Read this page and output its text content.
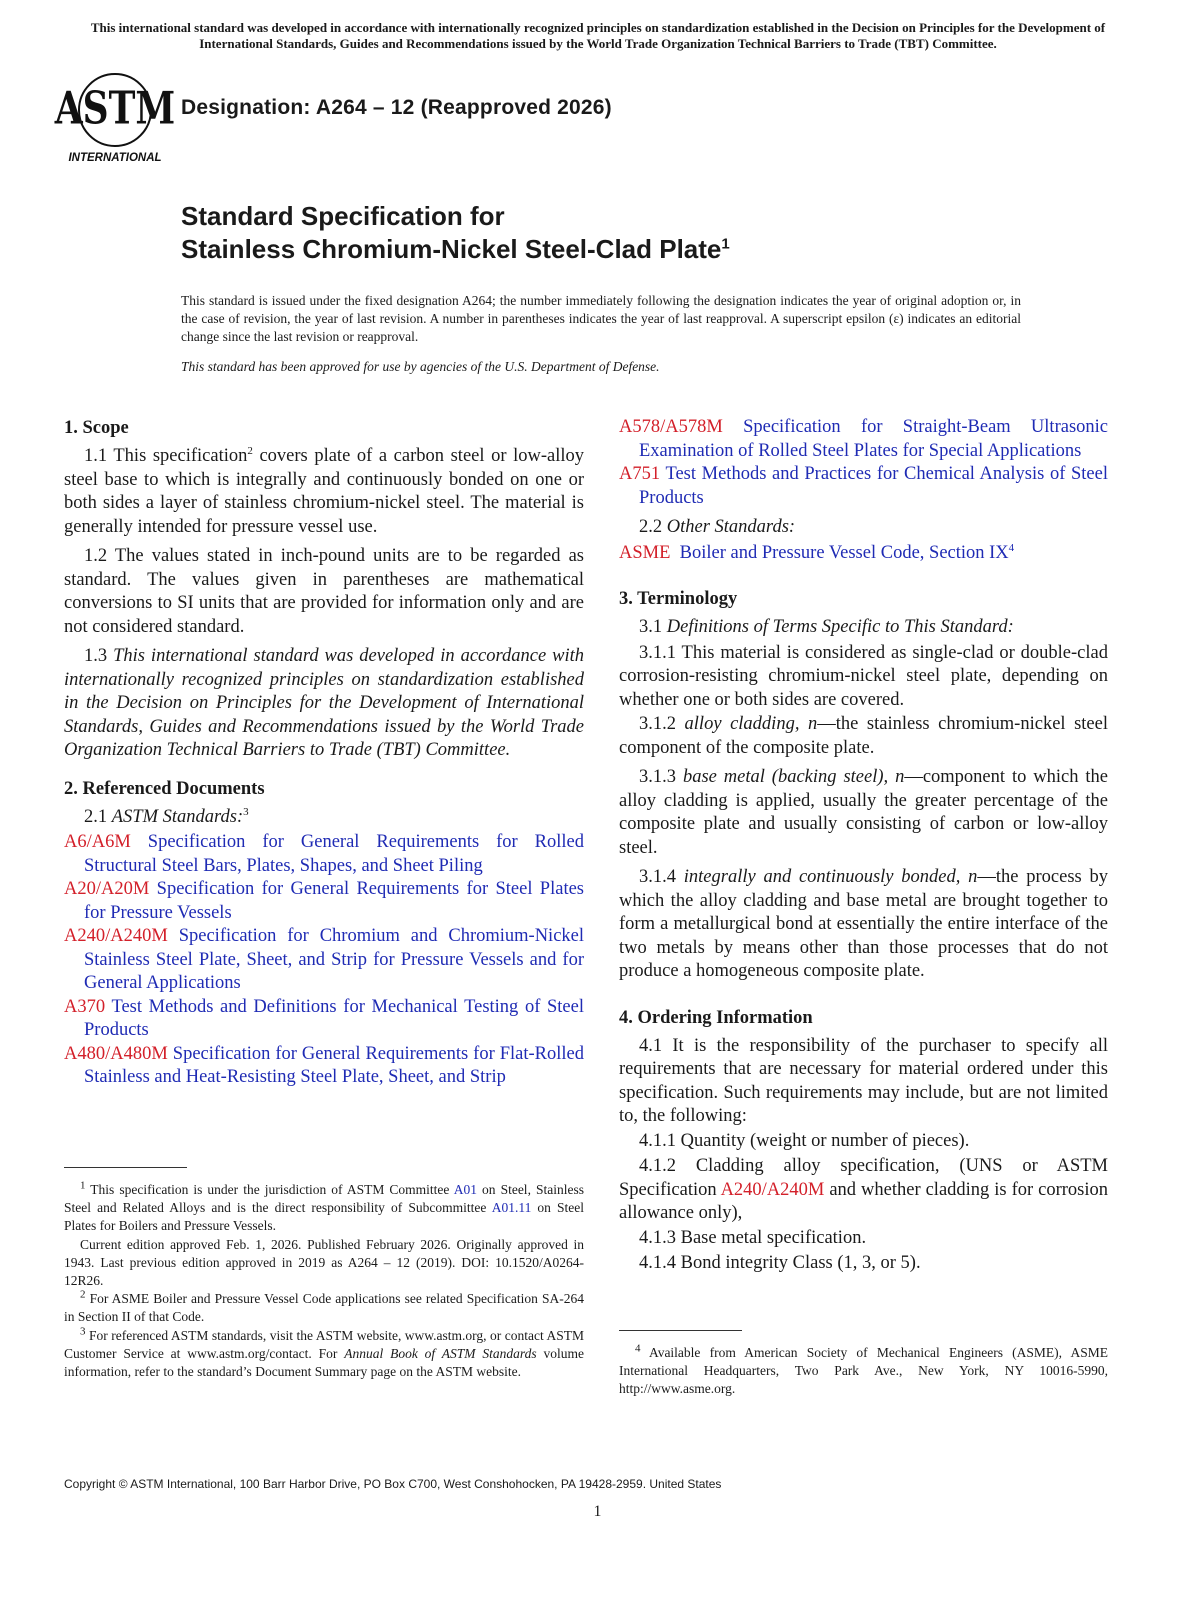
This international standard was developed in accordance with internationally recognized principles on standardization established in the Decision on Principles for the Development of International Standards, Guides and Recommendations issued by the World Trade Organization Technical Barriers to Trade (TBT) Committee.
ASTM
INTERNATIONAL
Designation: A264 – 12 (Reapproved 2026)
Standard Specification for
Stainless Chromium-Nickel Steel-Clad Plate$^1$
This standard is issued under the fixed designation A264; the number immediately following the designation indicates the year of original adoption or, in the case of revision, the year of last revision. A number in parentheses indicates the year of last reapproval. A superscript epsilon (ε) indicates an editorial change since the last revision or reapproval.
This standard has been approved for use by agencies of the U.S. Department of Defense.
1. Scope

1.1 This specification$^2$ covers plate of a carbon steel or low-alloy steel base to which is integrally and continuously bonded on one or both sides a layer of stainless chromium-nickel steel. The material is generally intended for pressure vessel use.

1.2 The values stated in inch-pound units are to be regarded as standard. The values given in parentheses are mathematical conversions to SI units that are provided for information only and are not considered standard.

1.3 This international standard was developed in accordance with internationally recognized principles on standardization established in the Decision on Principles for the Development of International Standards, Guides and Recommendations issued by the World Trade Organization Technical Barriers to Trade (TBT) Committee.

2. Referenced Documents
2.1 ASTM Standards:$^3$
A6/A6M Specification for General Requirements for Rolled Structural Steel Bars, Plates, Shapes, and Sheet Piling
A20/A20M Specification for General Requirements for Steel Plates for Pressure Vessels
A240/A240M Specification for Chromium and Chromium-Nickel Stainless Steel Plate, Sheet, and Strip for Pressure Vessels and for General Applications
A370 Test Methods and Definitions for Mechanical Testing of Steel Products
A480/A480M Specification for General Requirements for Flat-Rolled Stainless and Heat-Resisting Steel Plate, Sheet, and Strip
A578/A578M Specification for Straight-Beam Ultrasonic Examination of Rolled Steel Plates for Special Applications
A751 Test Methods and Practices for Chemical Analysis of Steel Products
2.2 Other Standards:
ASME Boiler and Pressure Vessel Code, Section $IX^4$
3. Terminology
3.1 Definitions of Terms Specific to This Standard:

3.1.1 This material is considered as single-clad or double-clad corrosion-resisting chromium-nickel steel plate, depending on whether one or both sides are covered.

3.1.2 alloy cladding, n—the stainless chromium-nickel steel component of the composite plate.

3.1.3 base metal (backing steel), n—component to which the alloy cladding is applied, usually the greater percentage of the composite plate and usually consisting of carbon or low-alloy steel.

3.1.4 integrally and continuously bonded, n—the process by which the alloy cladding and base metal are brought together to form a metallurgical bond at essentially the entire interface of the two metals by means other than those processes that do not produce a homogeneous composite plate.

4. Ordering Information

4.1 It is the responsibility of the purchaser to specify all requirements that are necessary for material ordered under this specification. Such requirements may include, but are not limited to, the following:

4.1.1 Quantity (weight or number of pieces).

4.1.2 Cladding alloy specification, (UNS or ASTM Specification A240/A240M and whether cladding is for corrosion allowance only),

4.1.3 Base metal specification.
4.1.4 Bond integrity Class (1, 3, or 5).

$^1$ This specification is under the jurisdiction of ASTM Committee A01 on Steel, Stainless Steel and Related Alloys and is the direct responsibility of Subcommittee A01.11 on Steel Plates for Boilers and Pressure Vessels.

Current edition approved Feb. 1, 2026. Published February 2026. Originally approved in 1943. Last previous edition approved in 2019 as A264 – 12 (2019). DOI: 10.1520/A0264-12R26.

$^2$ For ASME Boiler and Pressure Vessel Code applications see related Specification SA-264 in Section II of that Code.

$^3$ For referenced ASTM standards, visit the ASTM website, www.astm.org, or contact ASTM Customer Service at www.astm.org/contact. For Annual Book of ASTM Standards volume information, refer to the standard’s Document Summary page on the ASTM website.

$^4$ Available from American Society of Mechanical Engineers (ASME), ASME International Headquarters, Two Park Ave., New York, NY 10016-5990, http://www.asme.org.

Copyright © ASTM International, 100 Barr Harbor Drive, PO Box C700, West Conshohocken, PA 19428-2959. United States
1
